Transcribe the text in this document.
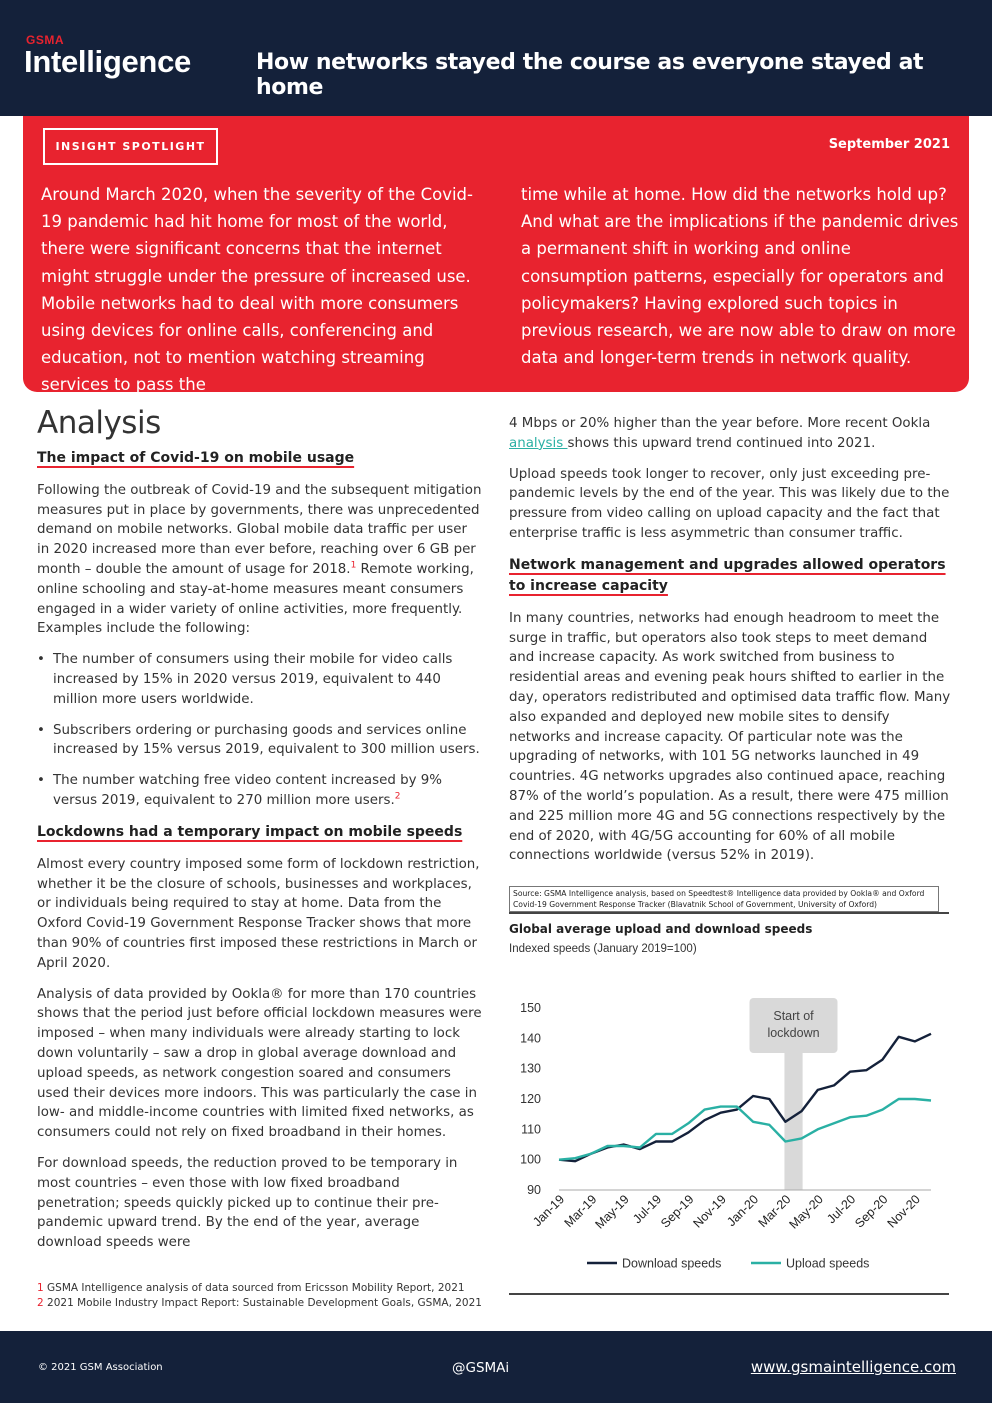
GSMA
Intelligence	How networks stayed the course as everyone stayed at home
INSIGHT SPOTLIGHT	September 2021
Around March 2020, when the severity of the Covid-19 pandemic had hit home for most of the world, there were significant concerns that the internet might struggle under the pressure of increased use. Mobile networks had to deal with more consumers using devices for online calls, conferencing and education, not to mention watching streaming services to pass the
time while at home. How did the networks hold up? And what are the implications if the pandemic drives a permanent shift in working and online consumption patterns, especially for operators and policymakers? Having explored such topics in previous research, we are now able to draw on more data and longer-term trends in network quality.
Analysis
The impact of Covid-19 on mobile usage

Following the outbreak of Covid-19 and the subsequent mitigation measures put in place by governments, there was unprecedented demand on mobile networks. Global mobile data traffic per user in 2020 increased more than ever before, reaching over 6 GB per month – double the amount of usage for 2018.$^1$ Remote working, online schooling and stay-at-home measures meant consumers engaged in a wider variety of online activities, more frequently. Examples include the following:

• The number of consumers using their mobile for video calls increased by 15% in 2020 versus 2019, equivalent to 440 million more users worldwide.
• Subscribers ordering or purchasing goods and services online increased by 15% versus 2019, equivalent to 300 million users.
• The number watching free video content increased by 9% versus 2019, equivalent to 270 million more users.$^2$
Lockdowns had a temporary impact on mobile speeds

Almost every country imposed some form of lockdown restriction, whether it be the closure of schools, businesses and workplaces, or individuals being required to stay at home. Data from the Oxford Covid-19 Government Response Tracker shows that more than 90% of countries first imposed these restrictions in March or April 2020.

Analysis of data provided by Ookla® for more than 170 countries shows that the period just before official lockdown measures were imposed – when many individuals were already starting to lock down voluntarily – saw a drop in global average download and upload speeds, as network congestion soared and consumers used their devices more indoors. This was particularly the case in low- and middle-income countries with limited fixed networks, as consumers could not rely on fixed broadband in their homes.

For download speeds, the reduction proved to be temporary in most countries – even those with low fixed broadband penetration; speeds quickly picked up to continue their pre-pandemic upward trend. By the end of the year, average download speeds were

4 Mbps or 20% higher than the year before. More recent Ookla analysis shows this upward trend continued into 2021.

Upload speeds took longer to recover, only just exceeding pre-pandemic levels by the end of the year. This was likely due to the pressure from video calling on upload capacity and the fact that enterprise traffic is less asymmetric than consumer traffic.

Network management and upgrades allowed operators to increase capacity

In many countries, networks had enough headroom to meet the surge in traffic, but operators also took steps to meet demand and increase capacity. As work switched from business to residential areas and evening peak hours shifted to earlier in the day, operators redistributed and optimised data traffic flow. Many also expanded and deployed new mobile sites to densify networks and increase capacity. Of particular note was the upgrading of networks, with 101 5G networks launched in 49 countries. 4G networks upgrades also continued apace, reaching 87% of the world’s population. As a result, there were 475 million and 225 million more 4G and 5G connections respectively by the end of 2020, with 4G/5G accounting for 60% of all mobile connections worldwide (versus 52% in 2019).

Source: GSMA Intelligence analysis, based on Speedtest® Intelligence data provided by Ookla® and Oxford Covid-19 Government Response Tracker (Blavatnik School of Government, University of Oxford)
Global average upload and download speeds
Indexed speeds (January 2019=100)
Start of
lockdown
90
100
110
120
130
140
150
Jan-19
Mar-19
May-19
Jul-19
Sep-19
Nov-19
Jan-20
Mar-20
May-20
Jul-20
Sep-20
Nov-20
Download speeds	Upload speeds
1 GSMA Intelligence analysis of data sourced from Ericsson Mobility Report, 2021
2 2021 Mobile Industry Impact Report: Sustainable Development Goals, GSMA, 2021
© 2021 GSM Association	@GSMAi	www.gsmaintelligence.com
